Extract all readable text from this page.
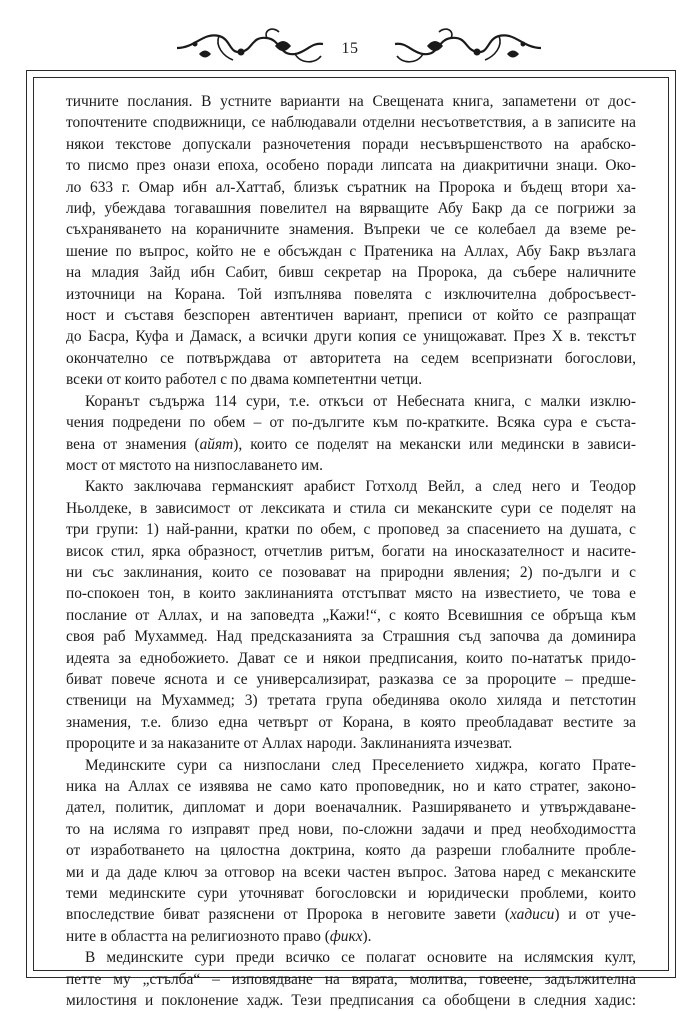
15
тичните послания. В устните варианти на Свещената книга, запаметени от дос-
топочтените сподвижници, се наблюдавали отделни несъответствия, а в записите на
някои текстове допускали разночетения поради несъвършенството на арабско-
то писмо през онази епоха, особено поради липсата на диакритични знаци. Око-
ло 633 г. Омар ибн ал-Хаттаб, близък съратник на Пророка и бъдещ втори ха-
лиф, убеждава тогавашния повелител на вярващите Абу Бакр да се погрижи за
съхраняването на кораничните знамения. Въпреки че се колебаел да вземе ре-
шение по въпрос, който не е обсъждан с Пратеника на Аллах, Абу Бакр възлага
на младия Зайд ибн Сабит, бивш секретар на Пророка, да събере наличните
източници на Корана. Той изпълнява повелята с изключителна добросъвест-
ност и съставя безспорен автентичен вариант, преписи от който се разпращат
до Басра, Куфа и Дамаск, а всички други копия се унищожават. През Х в. текстът
окончателно се потвърждава от авторитета на седем всепризнати богослови,
всеки от които работел с по двама компетентни четци.
Коранът съдържа 114 сури, т.е. откъси от Небесната книга, с малки изклю-
чения подредени по обем – от по-дългите към по-кратките. Всяка сура е съста-
вена от знамения (айят), които се поделят на мекански или медински в зависи-
мост от мястото на низпославането им.
Както заключава германският арабист Готхолд Вейл, а след него и Теодор
Ньолдеке, в зависимост от лексиката и стила си меканските сури се поделят на
три групи: 1) най-ранни, кратки по обем, с проповед за спасението на душата, с
висок стил, ярка образност, отчетлив ритъм, богати на иносказателност и насите-
ни със заклинания, които се позовават на природни явления; 2) по-дълги и с
по-спокоен тон, в които заклинанията отстъпват място на известието, че това е
послание от Аллах, и на заповедта „Кажи!“, с която Всевишния се обръща към
своя раб Мухаммед. Над предсказанията за Страшния съд започва да доминира
идеята за еднобожието. Дават се и някои предписания, които по-нататък придо-
биват повече яснота и се универсализират, разказва се за пророците – предше-
ственици на Мухаммед; 3) третата група обединява около хиляда и петстотин
знамения, т.е. близо една четвърт от Корана, в която преобладават вестите за
пророците и за наказаните от Аллах народи. Заклинанията изчезват.
Мединските сури са низпослани след Преселението хиджра, когато Прате-
ника на Аллах се изявява не само като проповедник, но и като стратег, законо-
дател, политик, дипломат и дори военачалник. Разширяването и утвърждаване-
то на исляма го изправят пред нови, по-сложни задачи и пред необходимостта
от изработването на цялостна доктрина, която да разреши глобалните пробле-
ми и да даде ключ за отговор на всеки частен въпрос. Затова наред с меканските
теми мединските сури уточняват богословски и юридически проблеми, които
впоследствие биват разяснени от Пророка в неговите завети (хадиси) и от уче-
ните в областта на религиозното право (фикх).
В мединските сури преди всичко се полагат основите на ислямския култ,
петте му „стълба“ – изповядване на вярата, молитва, говеене, задължителна
милостиня и поклонение хадж. Тези предписания са обобщени в следния хадис:
